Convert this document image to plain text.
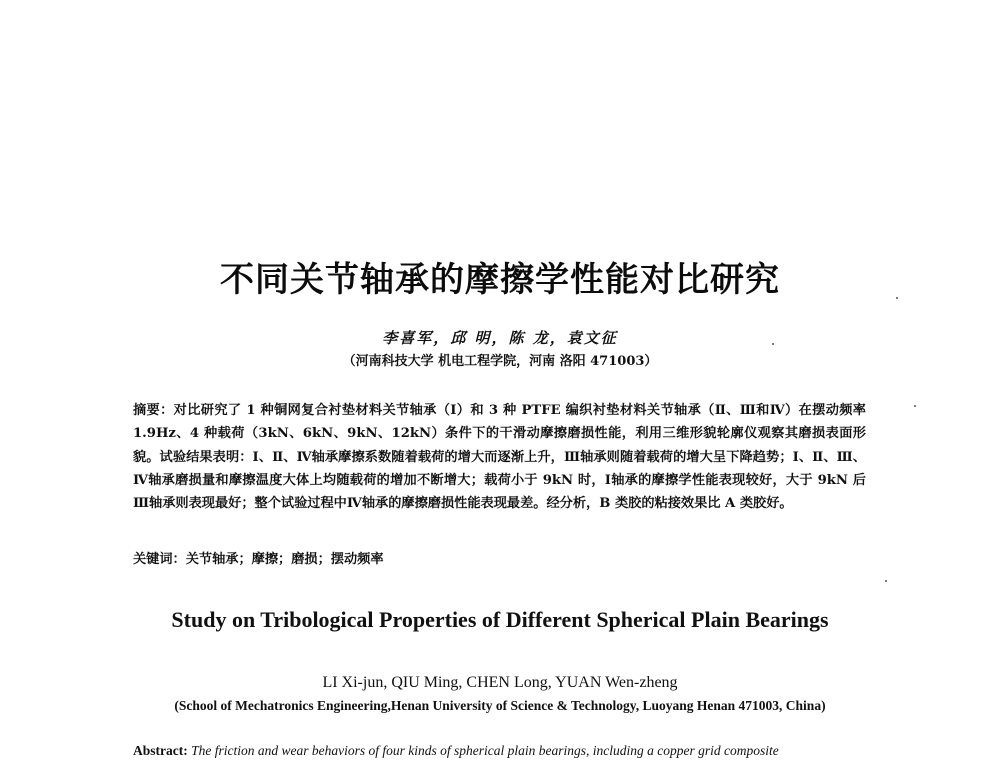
不同关节轴承的摩擦学性能对比研究
李喜军，邱 明，陈 龙，袁文征
（河南科技大学 机电工程学院，河南 洛阳 471003）
摘要：对比研究了 1 种铜网复合衬垫材料关节轴承（Ⅰ）和 3 种 PTFE 编织衬垫材料关节轴承（Ⅱ、Ⅲ和Ⅳ）在摆动频率 1.9Hz、4 种载荷（3kN、6kN、9kN、12kN）条件下的干滑动摩擦磨损性能，利用三维形貌轮廓仪观察其磨损表面形貌。试验结果表明：Ⅰ、Ⅱ、Ⅳ轴承摩擦系数随着载荷的增大而逐渐上升，Ⅲ轴承则随着载荷的增大呈下降趋势；Ⅰ、Ⅱ、Ⅲ、Ⅳ轴承磨损量和摩擦温度大体上均随载荷的增加不断增大；载荷小于 9kN 时，Ⅰ轴承的摩擦学性能表现较好，大于 9kN 后Ⅲ轴承则表现最好；整个试验过程中Ⅳ轴承的摩擦磨损性能表现最差。经分析，B 类胶的粘接效果比 A 类胶好。
关键词：关节轴承；摩擦；磨损；摆动频率
Study on Tribological Properties of Different Spherical Plain Bearings
LI Xi-jun, QIU Ming, CHEN Long, YUAN Wen-zheng
(School of Mechatronics Engineering,Henan University of Science & Technology, Luoyang Henan 471003, China)
Abstract: The friction and wear behaviors of four kinds of spherical plain bearings, including a copper grid composite
